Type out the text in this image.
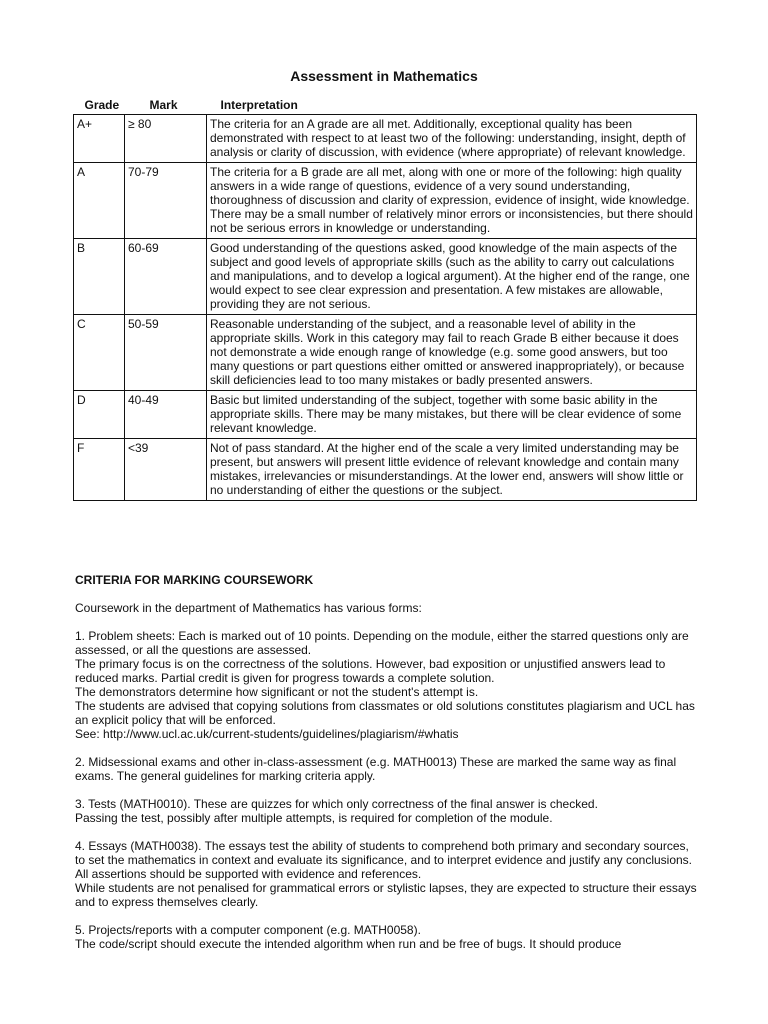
Assessment in Mathematics
Grade	Mark	Interpretation
A+	≥ 80	The criteria for an A grade are all met. Additionally, exceptional quality has been demonstrated with respect to at least two of the following: understanding, insight, depth of analysis or clarity of discussion, with evidence (where appropriate) of relevant knowledge.
A	70-79	The criteria for a B grade are all met, along with one or more of the following: high quality answers in a wide range of questions, evidence of a very sound understanding, thoroughness of discussion and clarity of expression, evidence of insight, wide knowledge. There may be a small number of relatively minor errors or inconsistencies, but there should not be serious errors in knowledge or understanding.
B	60-69	Good understanding of the questions asked, good knowledge of the main aspects of the subject and good levels of appropriate skills (such as the ability to carry out calculations and manipulations, and to develop a logical argument). At the higher end of the range, one would expect to see clear expression and presentation. A few mistakes are allowable, providing they are not serious.
C	50-59	Reasonable understanding of the subject, and a reasonable level of ability in the appropriate skills. Work in this category may fail to reach Grade B either because it does not demonstrate a wide enough range of knowledge (e.g. some good answers, but too many questions or part questions either omitted or answered inappropriately), or because skill deficiencies lead to too many mistakes or badly presented answers.
D	40-49	Basic but limited understanding of the subject, together with some basic ability in the appropriate skills. There may be many mistakes, but there will be clear evidence of some relevant knowledge.
F	<39	Not of pass standard. At the higher end of the scale a very limited understanding may be present, but answers will present little evidence of relevant knowledge and contain many mistakes, irrelevancies or misunderstandings. At the lower end, answers will show little or no understanding of either the questions or the subject.
CRITERIA FOR MARKING COURSEWORK

Coursework in the department of Mathematics has various forms:

1. Problem sheets: Each is marked out of 10 points. Depending on the module, either the starred questions only are assessed, or all the questions are assessed.

The primary focus is on the correctness of the solutions. However, bad exposition or unjustified answers lead to reduced marks. Partial credit is given for progress towards a complete solution.

The demonstrators determine how significant or not the student's attempt is.

The students are advised that copying solutions from classmates or old solutions constitutes plagiarism and UCL has an explicit policy that will be enforced.

See: http://www.ucl.ac.uk/current-students/guidelines/plagiarism/#whatis

2. Midsessional exams and other in-class-assessment (e.g. MATH0013) These are marked the same way as final exams. The general guidelines for marking criteria apply.

3. Tests (MATH0010). These are quizzes for which only correctness of the final answer is checked.

Passing the test, possibly after multiple attempts, is required for completion of the module.

4. Essays (MATH0038). The essays test the ability of students to comprehend both primary and secondary sources, to set the mathematics in context and evaluate its significance, and to interpret evidence and justify any conclusions. All assertions should be supported with evidence and references.

While students are not penalised for grammatical errors or stylistic lapses, they are expected to structure their essays and to express themselves clearly.

5. Projects/reports with a computer component (e.g. MATH0058).

The code/script should execute the intended algorithm when run and be free of bugs. It should produce
